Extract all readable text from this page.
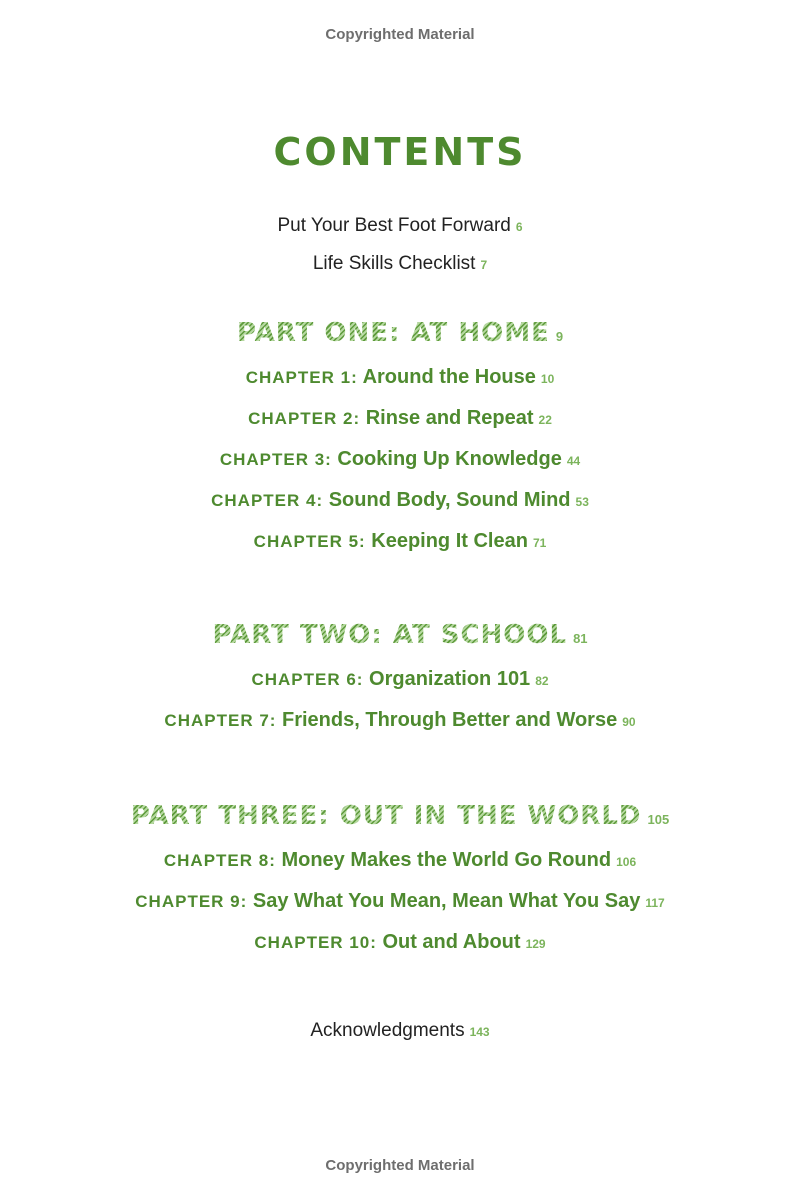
Copyrighted Material
CONTENTS
Put Your Best Foot Forward 6
Life Skills Checklist 7
PART ONE: AT HOME 9
CHAPTER 1: Around the House 10
CHAPTER 2: Rinse and Repeat 22
CHAPTER 3: Cooking Up Knowledge 44
CHAPTER 4: Sound Body, Sound Mind 53
CHAPTER 5: Keeping It Clean 71
PART TWO: AT SCHOOL 81
CHAPTER 6: Organization 101 82
CHAPTER 7: Friends, Through Better and Worse 90
PART THREE: OUT IN THE WORLD 105
CHAPTER 8: Money Makes the World Go Round 106
CHAPTER 9: Say What You Mean, Mean What You Say 117
CHAPTER 10: Out and About 129
Acknowledgments 143
Copyrighted Material
